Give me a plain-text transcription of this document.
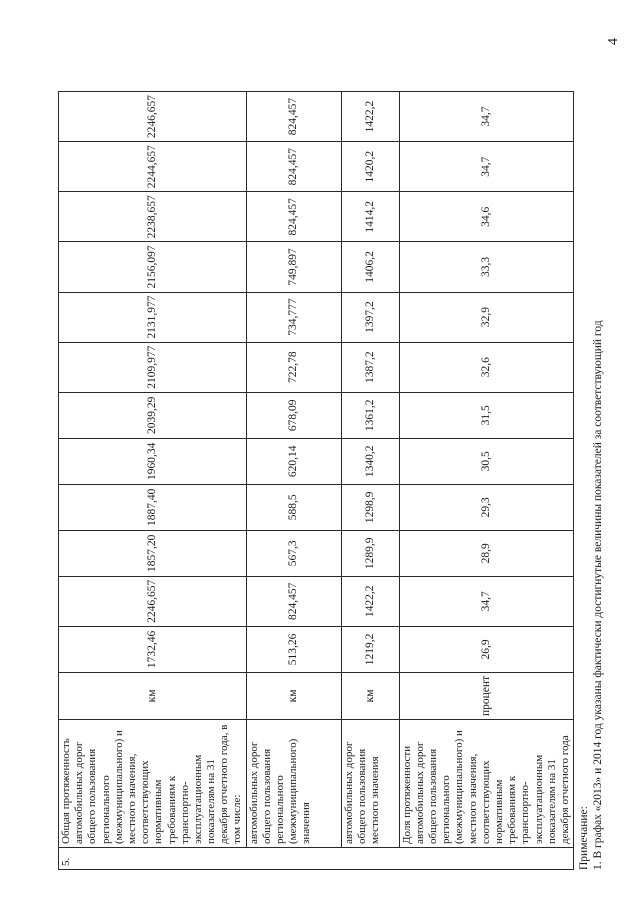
4
5.	Общая протяженность автомобильных дорог общего пользования регионального (межмуниципального) и местного значения, соответствующих нормативным требованиям к транспортно-эксплуатационным показателям на 31 декабря отчетного года, в том числе:	км	1732,46	2246,657	1857,20	1887,40	1960,34	2039,29	2109,977	2131,977	2156,097	2238,657	2244,657	2246,657
	автомобильных дорог общего пользования регионального (межмуниципального) значения	км	513,26	824,457	567,3	588,5	620,14	678,09	722,78	734,777	749,897	824,457	824,457	824,457
	автомобильных дорог общего пользования местного значения	км	1219,2	1422,2	1289,9	1298,9	1340,2	1361,2	1387,2	1397,2	1406,2	1414,2	1420,2	1422,2
	Доля протяженности автомобильных дорог общего пользования регионального (межмуниципального) и местного значения, соответствующих нормативным требованиям к транспортно-эксплуатационным показателям на 31 декабря отчетного года	процент	26,9	34,7	28,9	29,3	30,5	31,5	32,6	32,9	33,3	34,6	34,7	34,7
Примечание: 1. В графах «2013» и 2014 год указаны фактически достигнутые величины показателей за соответствующий год
